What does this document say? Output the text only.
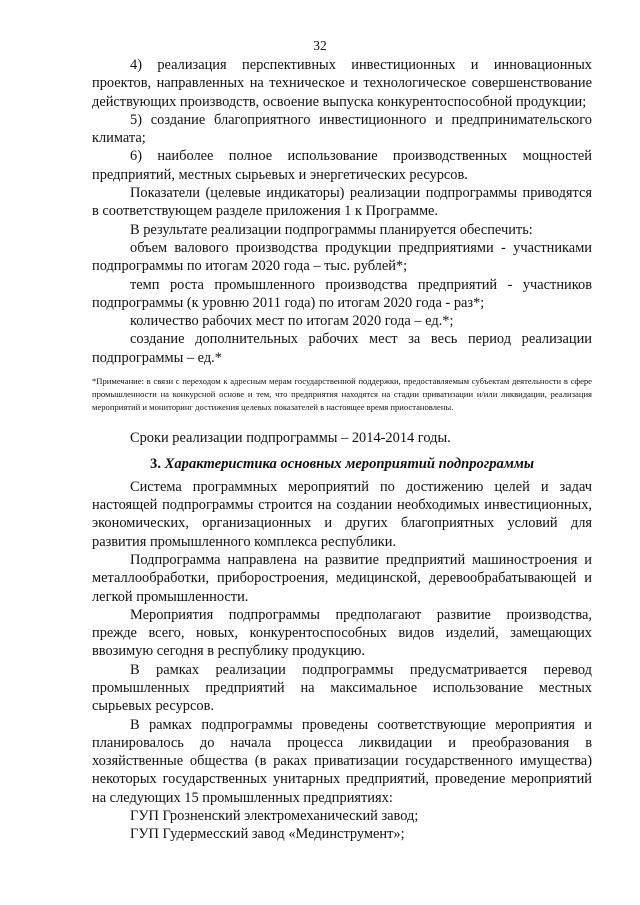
32

4) реализация перспективных инвестиционных и инновационных проектов, направленных на техническое и технологическое совершенствование действующих производств, освоение выпуска конкурентоспособной продукции;

5) создание благоприятного инвестиционного и предпринимательского климата;

6) наиболее полное использование производственных мощностей предприятий, местных сырьевых и энергетических ресурсов.

Показатели (целевые индикаторы) реализации подпрограммы приводятся в соответствующем разделе приложения 1 к Программе.

В результате реализации подпрограммы планируется обеспечить:

объем валового производства продукции предприятиями - участниками подпрограммы по итогам 2020 года – тыс. рублей*;

темп роста промышленного производства предприятий - участников подпрограммы (к уровню 2011 года) по итогам 2020 года - раз*;

количество рабочих мест по итогам 2020 года – ед.*;

создание дополнительных рабочих мест за весь период реализации подпрограммы – ед.*

*Примечание: в связи с переходом к адресным мерам государственной поддержки, предоставляемым субъектам деятельности в сфере промышленности на конкурсной основе и тем, что предприятия находятся на стадии приватизации и/или ликвидации, реализация мероприятий и мониторинг достижения целевых показателей в настоящее время приостановлены.

Сроки реализации подпрограммы – 2014-2014 годы.

3. Характеристика основных мероприятий подпрограммы

Система программных мероприятий по достижению целей и задач настоящей подпрограммы строится на создании необходимых инвестиционных, экономических, организационных и других благоприятных условий для развития промышленного комплекса республики.

Подпрограмма направлена на развитие предприятий машиностроения и металлообработки, приборостроения, медицинской, деревообрабатывающей и легкой промышленности.

Мероприятия подпрограммы предполагают развитие производства, прежде всего, новых, конкурентоспособных видов изделий, замещающих ввозимую сегодня в республику продукцию.

В рамках реализации подпрограммы предусматривается перевод промышленных предприятий на максимальное использование местных сырьевых ресурсов.

В рамках подпрограммы проведены соответствующие мероприятия и планировалось до начала процесса ликвидации и преобразования в хозяйственные общества (в раках приватизации государственного имущества) некоторых государственных унитарных предприятий, проведение мероприятий на следующих 15 промышленных предприятиях:

ГУП Грозненский электромеханический завод;

ГУП Гудермесский завод «Мединструмент»;
